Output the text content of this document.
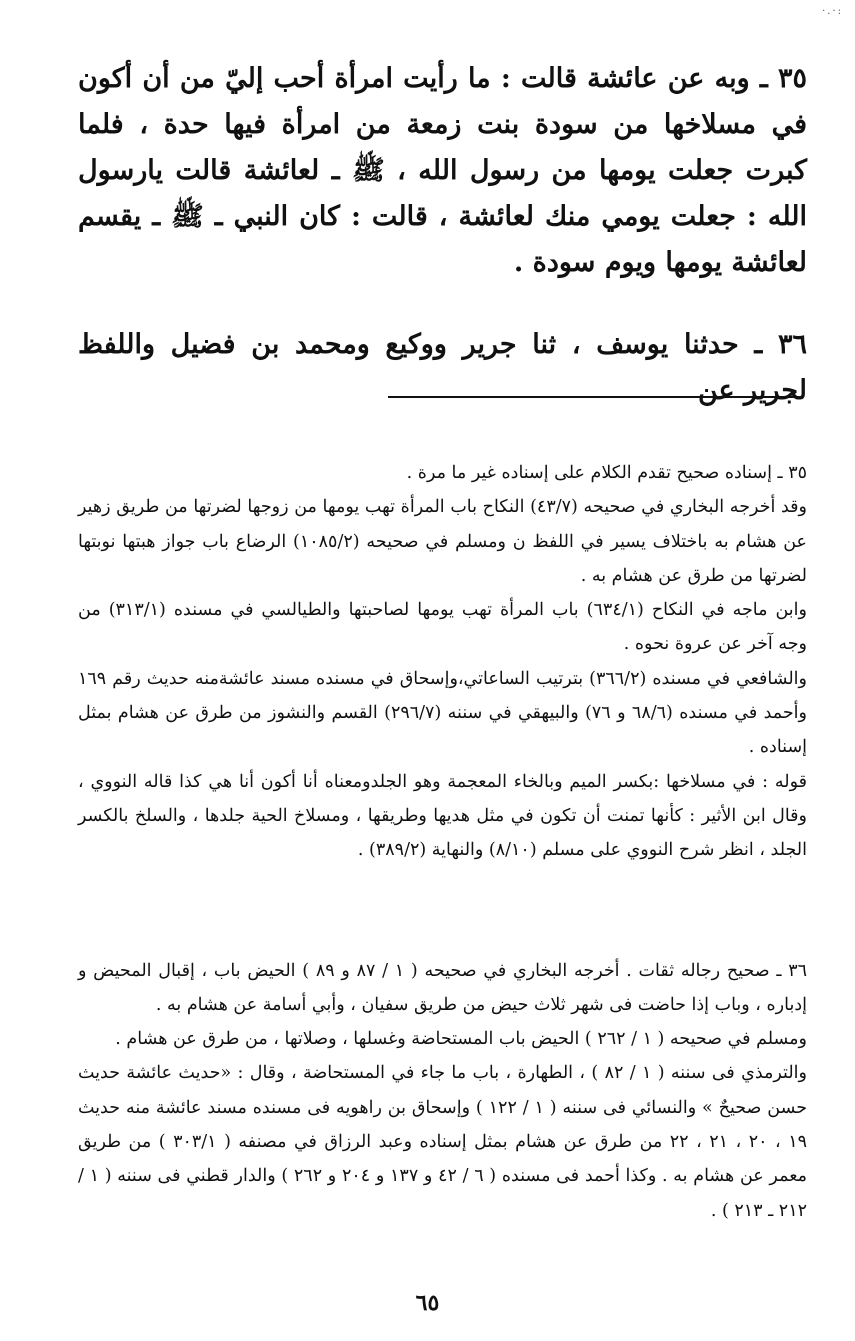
·.·:

٣٥ ـ وبه عن عائشة قالت : ما رأيت امرأة أحب إليّ من أن أكون في مسلاخها من سودة بنت زمعة من امرأة فيها حدة ، فلما كبرت جعلت يومها من رسول الله ، ﷺ ـ لعائشة قالت يارسول الله : جعلت يومي منك لعائشة ، قالت : كان النبي ـ ﷺ ـ يقسم لعائشة يومها ويوم سودة .

٣٦ ـ حدثنا يوسف ، ثنا جرير ووكيع ومحمد بن فضيل واللفظ لجرير عن

٣٥ ـ إسناده صحيح تقدم الكلام على إسناده غير ما مرة .

وقد أخرجه البخاري في صحيحه (٤٣/٧) النكاح باب المرأة تهب يومها من زوجها لضرتها من طريق زهير عن هشام به باختلاف يسير في اللفظ ن ومسلم في صحيحه (١٠٨٥/٢) الرضاع باب جواز هبتها نوبتها لضرتها من طرق عن هشام به .

وابن ماجه في النكاح (٦٣٤/١) باب المرأة تهب يومها لصاحبتها والطيالسي في مسنده (٣١٣/١) من وجه آخر عن عروة نحوه .

والشافعي في مسنده (٣٦٦/٢) بترتيب الساعاتي،وإسحاق في مسنده مسند عائشةمنه حديث رقم ١٦٩ وأحمد في مسنده (٦٨/٦ و ٧٦) والبيهقي في سننه (٢٩٦/٧) القسم والنشوز من طرق عن هشام بمثل إسناده .

قوله : في مسلاخها :بكسر الميم وبالخاء المعجمة وهو الجلدومعناه أنا أكون أنا هي كذا قاله النووي ، وقال ابن الأثير : كأنها تمنت أن تكون في مثل هديها وطريقها ، ومسلاخ الحية جلدها ، والسلخ بالكسر الجلد ، انظر شرح النووي على مسلم (٨/١٠) والنهاية (٣٨٩/٢) .

٣٦ ـ صحيح رجاله ثقات . أخرجه البخاري في صحيحه ( ١ / ٨٧ و ٨٩ ) الحيض باب ، إقبال المحيض و إدباره ، وباب إذا حاضت فى شهر ثلاث حيض من طريق سفيان ، وأبي أسامة عن هشام به .

ومسلم في صحيحه ( ١ / ٢٦٢ ) الحيض باب المستحاضة وغسلها ، وصلاتها ، من طرق عن هشام .

والترمذي فى سننه ( ١ / ٨٢ ) ، الطهارة ، باب ما جاء في المستحاضة ، وقال : «حديث عائشة حديث حسن صحيحٌ » والنسائي فى سننه ( ١ / ١٢٢ ) وإسحاق بن راهويه فى مسنده مسند عائشة منه حديث ١٩ ، ٢٠ ، ٢١ ، ٢٢ من طرق عن هشام بمثل إسناده وعبد الرزاق في مصنفه ( ٣٠٣/١ ) من طريق معمر عن هشام به . وكذا أحمد فى مسنده ( ٦ / ٤٢ و ١٣٧ و ٢٠٤ و ٢٦٢ ) والدار قطني فى سننه ( ١ / ٢١٢ ـ ٢١٣ ) .

٦٥
